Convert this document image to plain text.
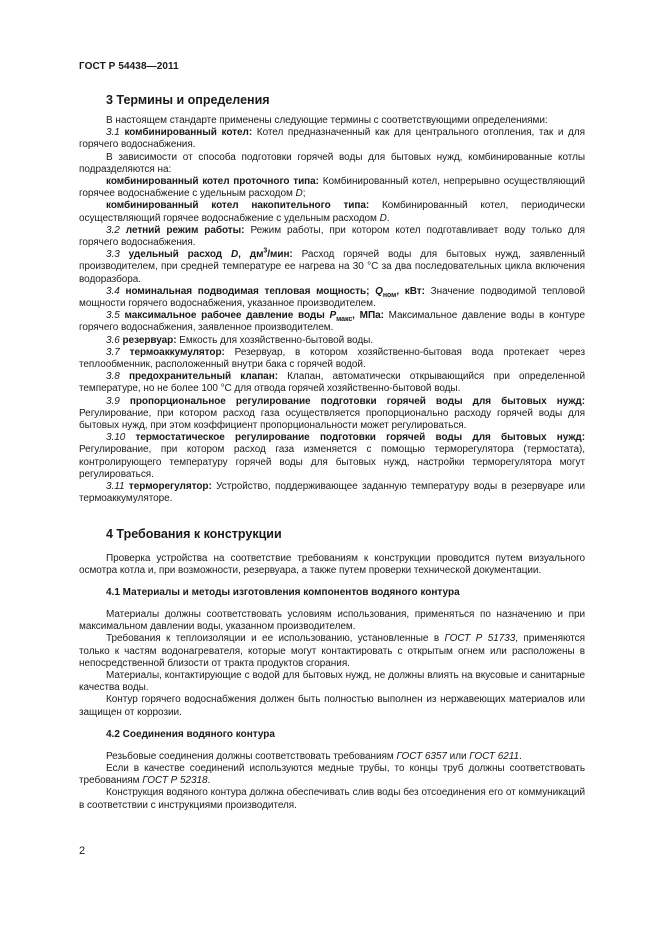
ГОСТ Р 54438—2011
3 Термины и определения

В настоящем стандарте применены следующие термины с соответствующими определениями:

3.1 комбинированный котел: Котел предназначенный как для центрального отопления, так и для горячего водоснабжения.

В зависимости от способа подготовки горячей воды для бытовых нужд, комбинированные котлы подразделяются на:

комбинированный котел проточного типа: Комбинированный котел, непрерывно осуществляющий горячее водоснабжение с удельным расходом D;

комбинированный котел накопительного типа: Комбинированный котел, периодически осуществляющий горячее водоснабжение с удельным расходом D.

3.2 летний режим работы: Режим работы, при котором котел подготавливает воду только для горячего водоснабжения.

3.3 удельный расход D, $дм^3$/мин: Расход горячей воды для бытовых нужд, заявленный производителем, при средней температуре ее нагрева на 30 °С за два последовательных цикла включения водоразбора.

3.4 номинальная подводимая тепловая мощность; $Q_{ном}$, кВт: Значение подводимой тепловой мощности горячего водоснабжения, указанное производителем.

3.5 максимальное рабочее давление воды $P_{макс}$, МПа: Максимальное давление воды в контуре горячего водоснабжения, заявленное производителем.

3.6 резервуар: Емкость для хозяйственно-бытовой воды.

3.7 термоаккумулятор: Резервуар, в котором хозяйственно-бытовая вода протекает через теплообменник, расположенный внутри бака с горячей водой.

3.8 предохранительный клапан: Клапан, автоматически открывающийся при определенной температуре, но не более 100 °С для отвода горячей хозяйственно-бытовой воды.

3.9 пропорциональное регулирование подготовки горячей воды для бытовых нужд: Регулирование, при котором расход газа осуществляется пропорционально расходу горячей воды для бытовых нужд, при этом коэффициент пропорциональности может регулироваться.

3.10 термостатическое регулирование подготовки горячей воды для бытовых нужд: Регулирование, при котором расход газа изменяется с помощью терморегулятора (термостата), контролирующего температуру горячей воды для бытовых нужд, настройки терморегулятора могут регулироваться.

3.11 терморегулятор: Устройство, поддерживающее заданную температуру воды в резервуаре или термоаккумуляторе.

4 Требования к конструкции

Проверка устройства на соответствие требованиям к конструкции проводится путем визуального осмотра котла и, при возможности, резервуара, а также путем проверки технической документации.

4.1 Материалы и методы изготовления компонентов водяного контура

Материалы должны соответствовать условиям использования, применяться по назначению и при максимальном давлении воды, указанном производителем.

Требования к теплоизоляции и ее использованию, установленные в ГОСТ Р 51733, применяются только к частям водонагревателя, которые могут контактировать с открытым огнем или расположены в непосредственной близости от тракта продуктов сгорания.

Материалы, контактирующие с водой для бытовых нужд, не должны влиять на вкусовые и санитарные качества воды.

Контур горячего водоснабжения должен быть полностью выполнен из нержавеющих материалов или защищен от коррозии.

4.2 Соединения водяного контура

Резьбовые соединения должны соответствовать требованиям ГОСТ 6357 или ГОСТ 6211.

Если в качестве соединений используются медные трубы, то концы труб должны соответствовать требованиям ГОСТ Р 52318.

Конструкция водяного контура должна обеспечивать слив воды без отсоединения его от коммуникаций в соответствии с инструкциями производителя.

2
